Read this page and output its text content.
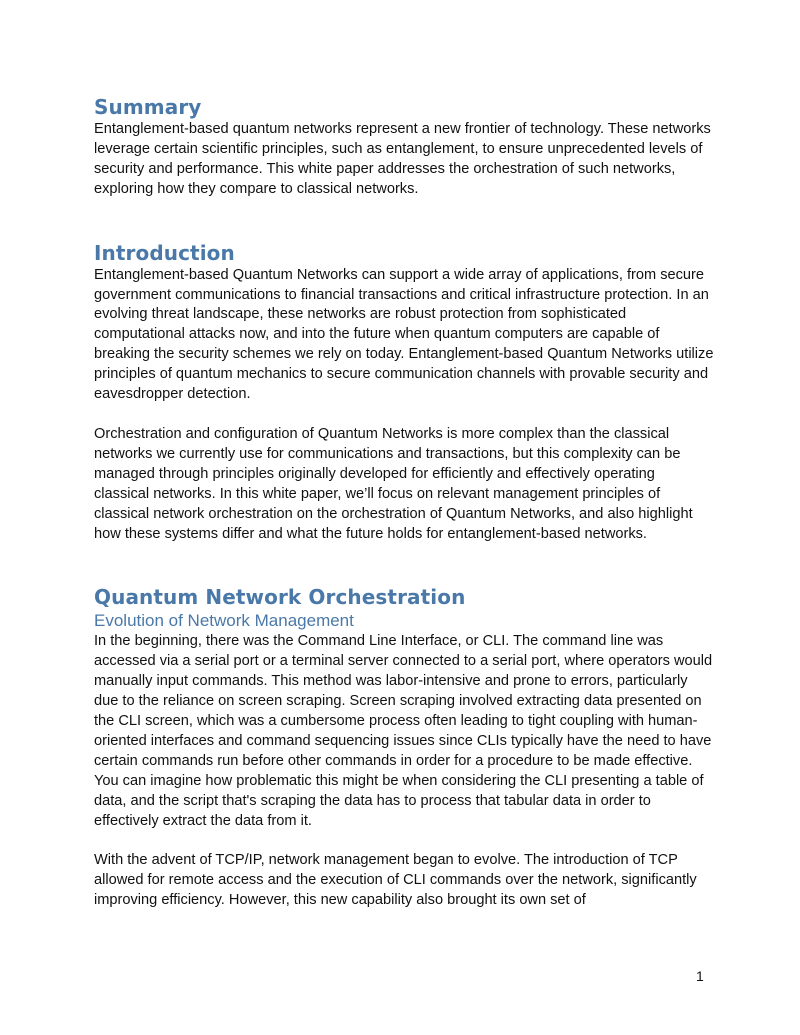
Summary

Entanglement-based quantum networks represent a new frontier of technology. These networks leverage certain scientific principles, such as entanglement, to ensure unprecedented levels of security and performance. This white paper addresses the orchestration of such networks, exploring how they compare to classical networks.

Introduction

Entanglement-based Quantum Networks can support a wide array of applications, from secure government communications to financial transactions and critical infrastructure protection. In an evolving threat landscape, these networks are robust protection from sophisticated computational attacks now, and into the future when quantum computers are capable of breaking the security schemes we rely on today. Entanglement-based Quantum Networks utilize principles of quantum mechanics to secure communication channels with provable security and eavesdropper detection.

Orchestration and configuration of Quantum Networks is more complex than the classical networks we currently use for communications and transactions, but this complexity can be managed through principles originally developed for efficiently and effectively operating classical networks. In this white paper, we’ll focus on relevant management principles of classical network orchestration on the orchestration of Quantum Networks, and also highlight how these systems differ and what the future holds for entanglement-based networks.

Quantum Network Orchestration
Evolution of Network Management

In the beginning, there was the Command Line Interface, or CLI. The command line was accessed via a serial port or a terminal server connected to a serial port, where operators would manually input commands. This method was labor-intensive and prone to errors, particularly due to the reliance on screen scraping. Screen scraping involved extracting data presented on the CLI screen, which was a cumbersome process often leading to tight coupling with human-oriented interfaces and command sequencing issues since CLIs typically have the need to have certain commands run before other commands in order for a procedure to be made effective. You can imagine how problematic this might be when considering the CLI presenting a table of data, and the script that's scraping the data has to process that tabular data in order to effectively extract the data from it.

With the advent of TCP/IP, network management began to evolve. The introduction of TCP allowed for remote access and the execution of CLI commands over the network, significantly improving efficiency. However, this new capability also brought its own set of

1
